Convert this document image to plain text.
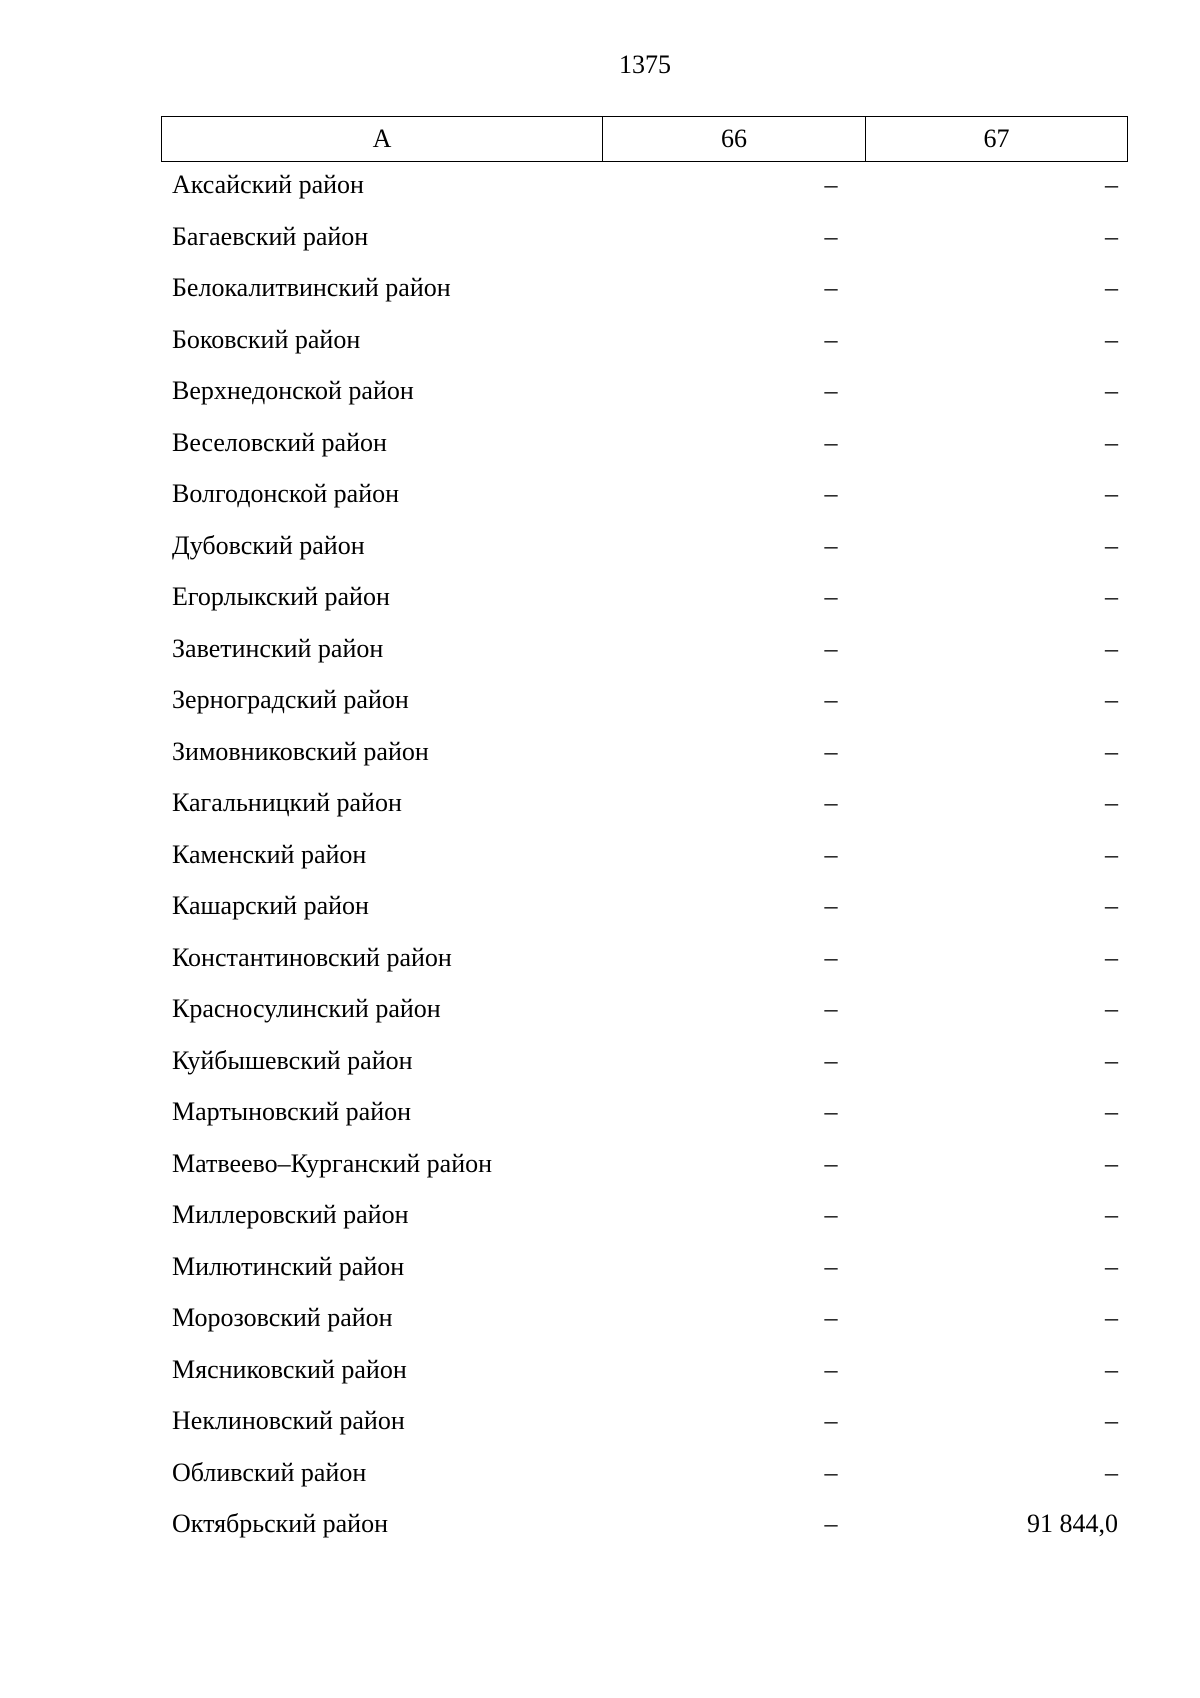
1375
А	66	67
Аксайский район	–	–
Багаевский район	–	–
Белокалитвинский район	–	–
Боковский район	–	–
Верхнедонской район	–	–
Веселовский район	–	–
Волгодонской район	–	–
Дубовский район	–	–
Егорлыкский район	–	–
Заветинский район	–	–
Зерноградский район	–	–
Зимовниковский район	–	–
Кагальницкий район	–	–
Каменский район	–	–
Кашарский район	–	–
Константиновский район	–	–
Красносулинский район	–	–
Куйбышевский район	–	–
Мартыновский район	–	–
Матвеево–Курганский район	–	–
Миллеровский район	–	–
Милютинский район	–	–
Морозовский район	–	–
Мясниковский район	–	–
Неклиновский район	–	–
Обливский район	–	–
Октябрьский район	–	91 844,0
